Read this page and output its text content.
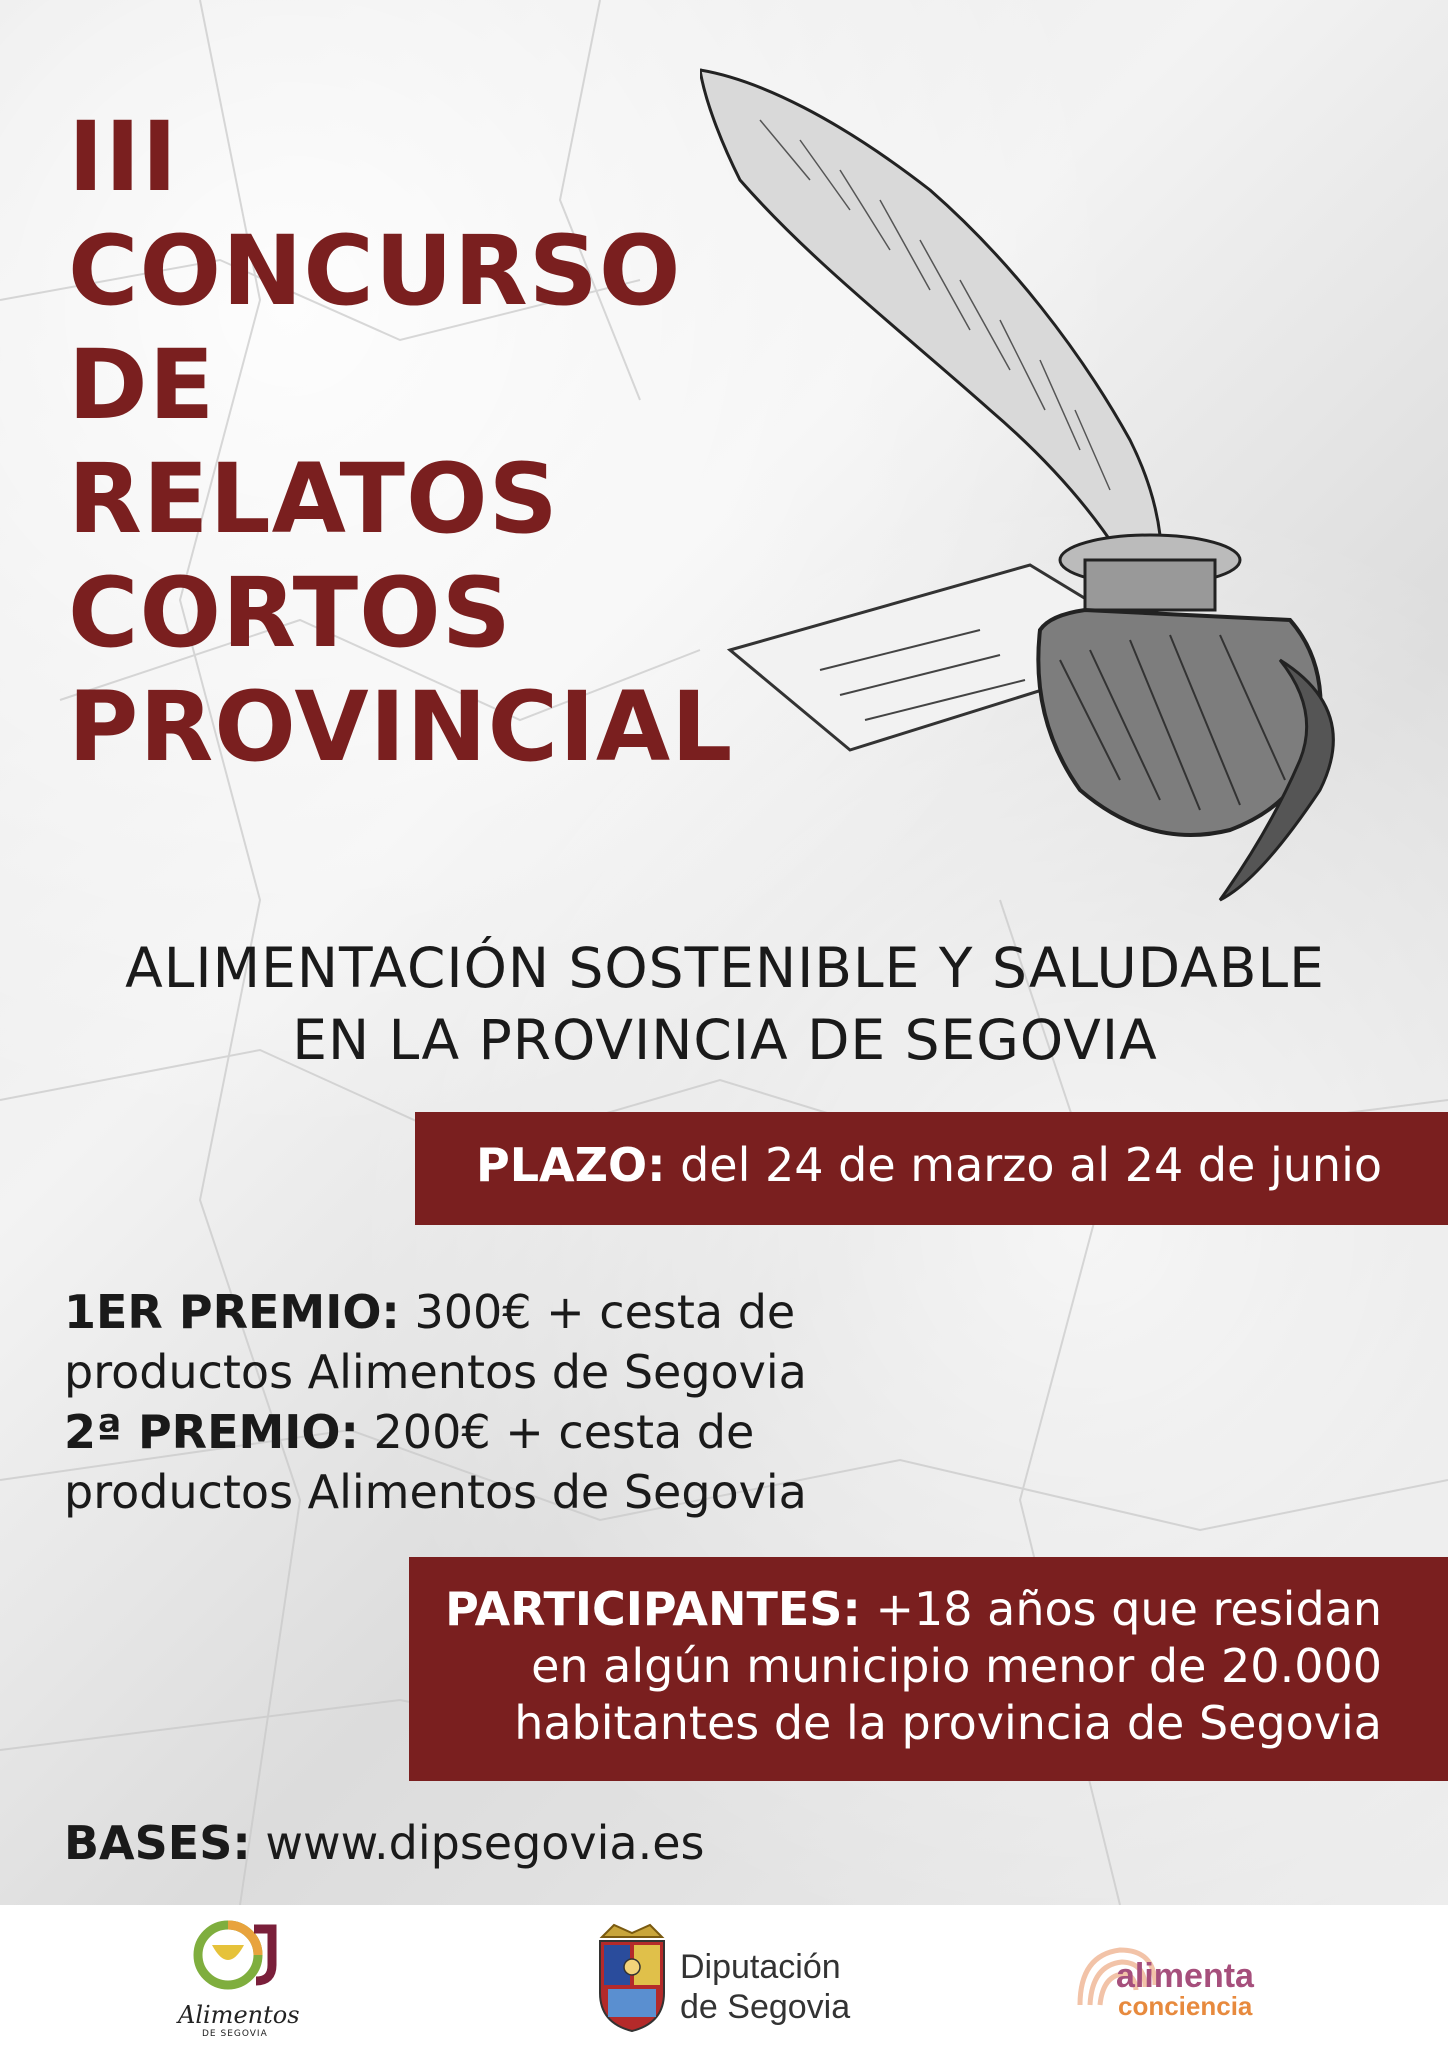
III
CONCURSO
DE
RELATOS
CORTOS
PROVINCIAL
ALIMENTACIÓN SOSTENIBLE Y SALUDABLE
EN LA PROVINCIA DE SEGOVIA
PLAZO: del 24 de marzo al 24 de junio
1ER PREMIO: 300€ + cesta de
productos Alimentos de Segovia
2ª PREMIO: 200€ + cesta de
productos Alimentos de Segovia
PARTICIPANTES: +18 años que residan
en algún municipio menor de 20.000
habitantes de la provincia de Segovia
BASES: www.dipsegovia.es
Alimentos
DE SEGOVIA
Diputación
de Segovia
alimenta
conciencia
